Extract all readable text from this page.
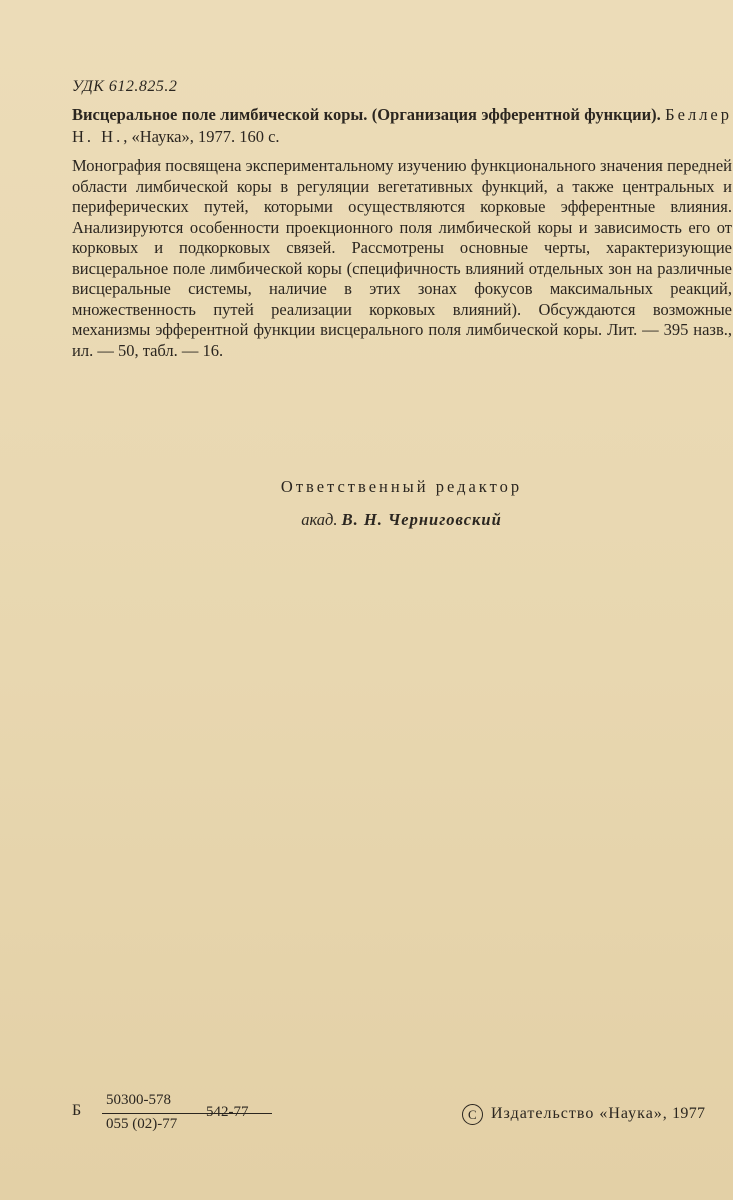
УДК 612.825.2
Висцеральное поле лимбической коры. (Организация эфферентной функции). Беллер Н. Н., «Наука», 1977. 160 с.
Монография посвящена экспериментальному изучению функционального значения передней области лимбической коры в регуляции вегетативных функций, а также центральных и периферических путей, которыми осуществляются корковые эфферентные влияния. Анализируются особенности проекционного поля лимбической коры и зависимость его от корковых и подкорковых связей. Рассмотрены основные черты, характеризующие висцеральное поле лимбической коры (специфичность влияний отдельных зон на различные висцеральные системы, наличие в этих зонах фокусов максимальных реакций, множественность путей реализации корковых влияний). Обсуждаются возможные механизмы эфферентной функции висцерального поля лимбической коры. Лит. — 395 назв., ил. — 50, табл. — 16.
Ответственный редактор
акад. В. Н. Черниговский
Б
50300-578
055 (02)-77
542-77	C Издательство «Наука», 1977
